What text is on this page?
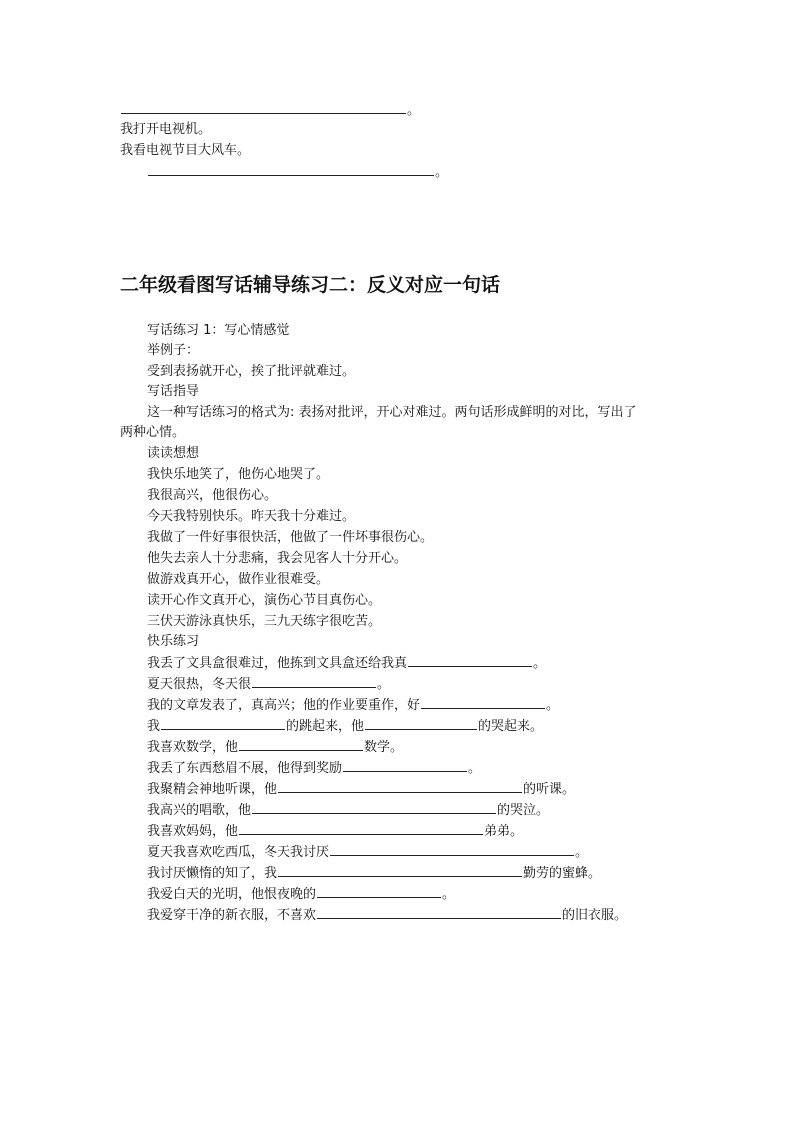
。
我打开电视机。
我看电视节目大风车。
。
二年级看图写话辅导练习二：反义对应一句话
写话练习 1：写心情感觉
举例子：
受到表扬就开心，挨了批评就难过。
写话指导
这一种写话练习的格式为: 表扬对批评，开心对难过。两句话形成鲜明的对比，写出了
两种心情。
读读想想
我快乐地笑了，他伤心地哭了。
我很高兴，他很伤心。
今天我特别快乐。昨天我十分难过。
我做了一件好事很快活，他做了一件坏事很伤心。
他失去亲人十分悲痛，我会见客人十分开心。
做游戏真开心，做作业很难受。
读开心作文真开心，演伤心节目真伤心。
三伏天游泳真快乐，三九天练字很吃苦。
快乐练习
我丢了文具盒很难过，他拣到文具盒还给我真	。
夏天很热，冬天很	。
我的文章发表了，真高兴；他的作业要重作，好	。
我	的跳起来，他	的哭起来。
我喜欢数学，他	数学。
我丢了东西愁眉不展，他得到奖励	。
我聚精会神地听课，他	的听课。
我高兴的唱歌，他	的哭泣。
我喜欢妈妈，他	弟弟。
夏天我喜欢吃西瓜，冬天我讨厌	。
我讨厌懒惰的知了，我	勤劳的蜜蜂。
我爱白天的光明，他恨夜晚的	。
我爱穿干净的新衣服，不喜欢	的旧衣服。
